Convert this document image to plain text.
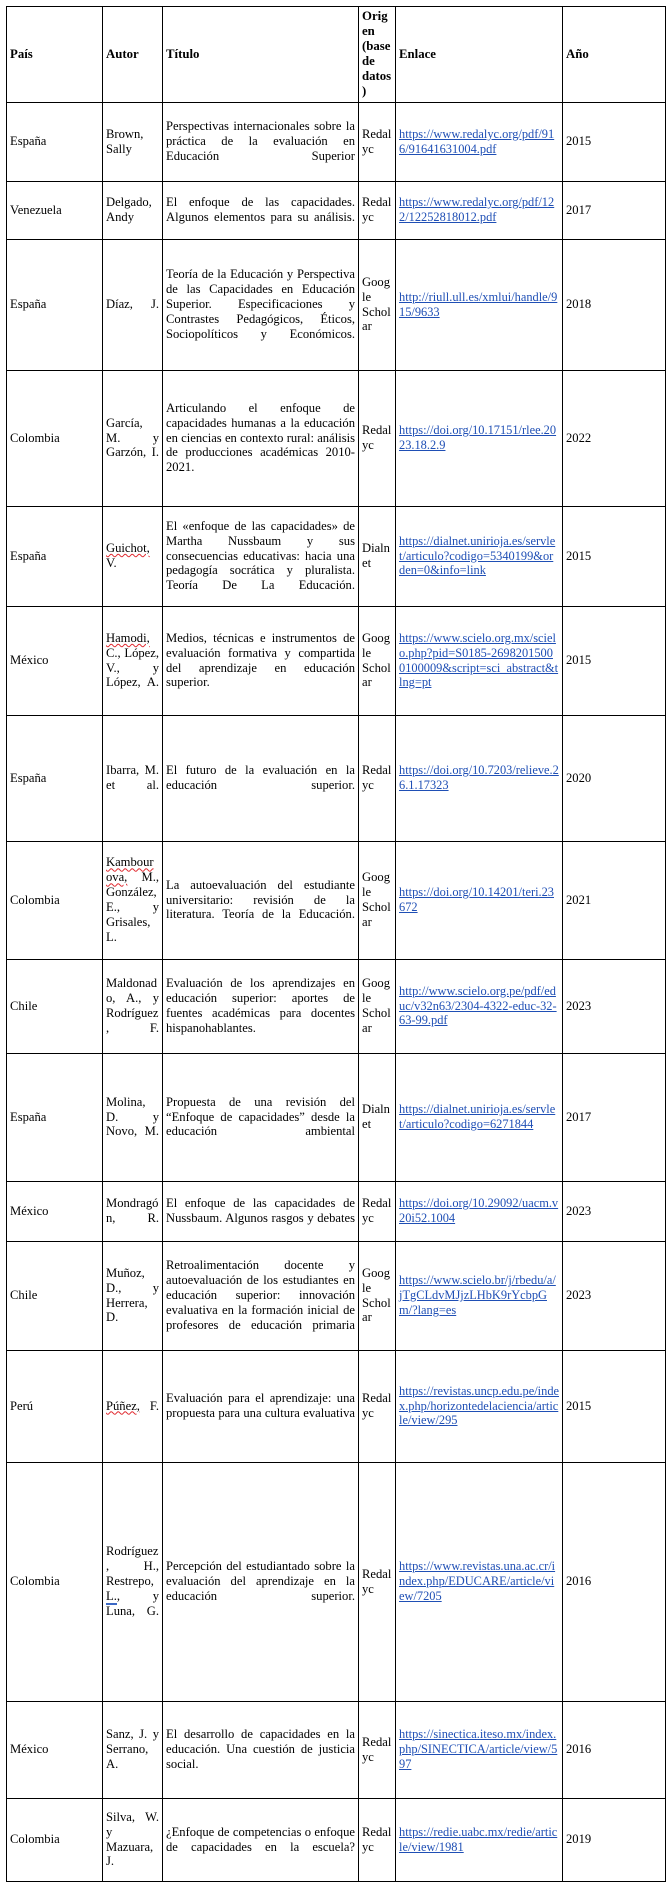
País	Autor	Título	Origen (base de datos)	Enlace	Año
España	Brown, Sally	Perspectivas internacionales sobre la práctica de la evaluación en Educación Superior	Redalyc	https://www.redalyc.org/pdf/916/91641631004.pdf	2015
Venezuela	Delgado, Andy	El enfoque de las capacidades. Algunos elementos para su análisis.	Redalyc	https://www.redalyc.org/pdf/122/12252818012.pdf	2017
España	Díaz, J.	Teoría de la Educación y Perspectiva de las Capacidades en Educación Superior. Especificaciones y Contrastes Pedagógicos, Éticos, Sociopolíticos y Económicos.	Google Scholar	http://riull.ull.es/xmlui/handle/915/9633	2018
Colombia	García, M. y Garzón, I.	Articulando el enfoque de capacidades humanas a la educación en ciencias en contexto rural: análisis de producciones académicas 2010-2021.	Redalyc	https://doi.org/10.17151/rlee.2023.18.2.9	2022
España	Guichot, V.	El «enfoque de las capacidades» de Martha Nussbaum y sus consecuencias educativas: hacia una pedagogía socrática y pluralista. Teoría De La Educación.	Dialnet	https://dialnet.unirioja.es/servlet/articulo?codigo=5340199&orden=0&info=link	2015
México	Hamodi, C., López, V., y López, A.	Medios, técnicas e instrumentos de evaluación formativa y compartida del aprendizaje en educación superior.	Google Scholar	https://www.scielo.org.mx/scielo.php?pid=S0185-26982015000100009&script=sci_abstract&tlng=pt	2015
España	Ibarra, M. et al.	El futuro de la evaluación en la educación superior.	Redalyc	https://doi.org/10.7203/relieve.26.1.17323	2020
Colombia	Kambourova, M., González, E., y Grisales, L.	La autoevaluación del estudiante universitario: revisión de la literatura. Teoría de la Educación.	Google Scholar	https://doi.org/10.14201/teri.23672	2021
Chile	Maldonado, A., y Rodríguez, F.	Evaluación de los aprendizajes en educación superior: aportes de fuentes académicas para docentes hispanohablantes.	Google Scholar	http://www.scielo.org.pe/pdf/educ/v32n63/2304-4322-educ-32-63-99.pdf	2023
España	Molina, D. y Novo, M.	Propuesta de una revisión del “Enfoque de capacidades” desde la educación ambiental	Dialnet	https://dialnet.unirioja.es/servlet/articulo?codigo=6271844	2017
México	Mondragón, R.	El enfoque de las capacidades de Nussbaum. Algunos rasgos y debates	Redalyc	https://doi.org/10.29092/uacm.v20i52.1004	2023
Chile	Muñoz, D., y Herrera, D.	Retroalimentación docente y autoevaluación de los estudiantes en educación superior: innovación evaluativa en la formación inicial de profesores de educación primaria	Google Scholar	https://www.scielo.br/j/rbedu/a/jTgCLdvMJjzLHbK9rYcbpGm/?lang=es	2023
Perú	Púñez, F.	Evaluación para el aprendizaje: una propuesta para una cultura evaluativa	Redalyc	https://revistas.uncp.edu.pe/index.php/horizontedelaciencia/article/view/295	2015
Colombia	Rodríguez, H., Restrepo, L., y Luna, G.	Percepción del estudiantado sobre la evaluación del aprendizaje en la educación superior.	Redalyc	https://www.revistas.una.ac.cr/index.php/EDUCARE/article/view/7205	2016
México	Sanz, J. y Serrano, A.	El desarrollo de capacidades en la educación. Una cuestión de justicia social.	Redalyc	https://sinectica.iteso.mx/index.php/SINECTICA/article/view/597	2016
Colombia	Silva, W. y Mazuara, J.	¿Enfoque de competencias o enfoque de capacidades en la escuela?	Redalyc	https://redie.uabc.mx/redie/article/view/1981	2019
